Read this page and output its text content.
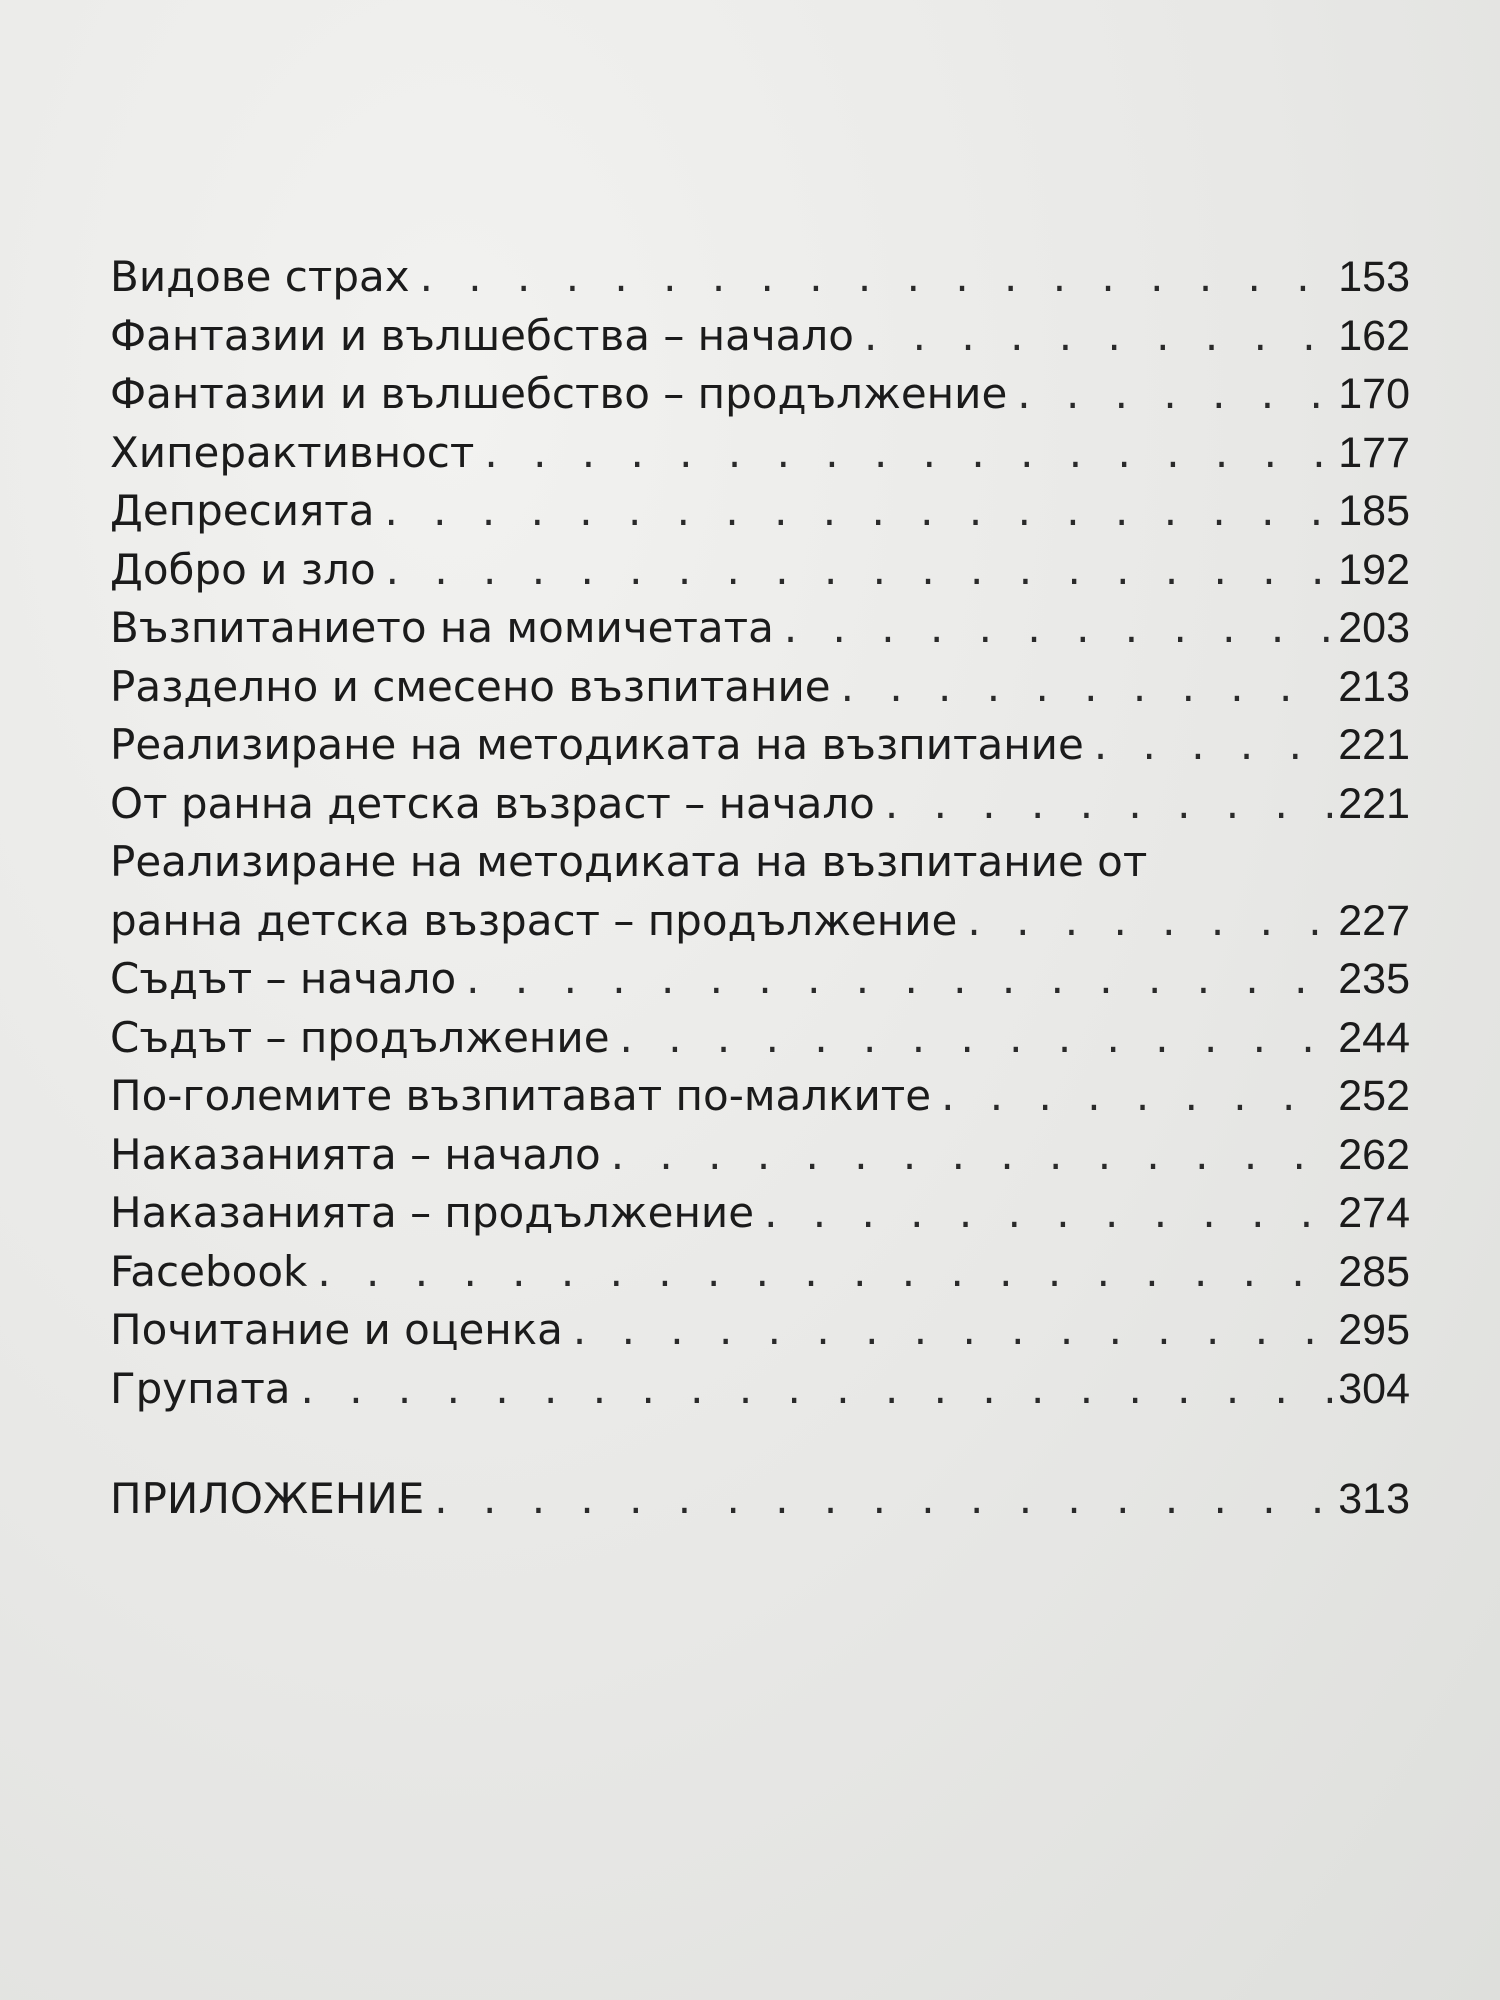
Видове страх . . .	153
Фантазии и вълшебства – начало . . .	162
Фантазии и вълшебство – продължение . . .	170
Хиперактивност . . .	177
Депресията . . .	185
Добро и зло . . .	192
Възпитанието на момичетата . . .	203
Разделно и смесено възпитание . . .	213
Реализиране на методиката на възпитание . . .	221
От ранна детска възраст – начало . . .	221
Реализиране на методиката на възпитание от
ранна детска възраст – продължение . . .	227
Съдът – начало . . .	235
Съдът – продължение . . .	244
По-големите възпитават по-малките . . .	252
Наказанията – начало . . .	262
Наказанията – продължение . . .	274
Facebook . . .	285
Почитание и оценка . . .	295
Групата . . .	304
ПРИЛОЖЕНИЕ . . .	313
